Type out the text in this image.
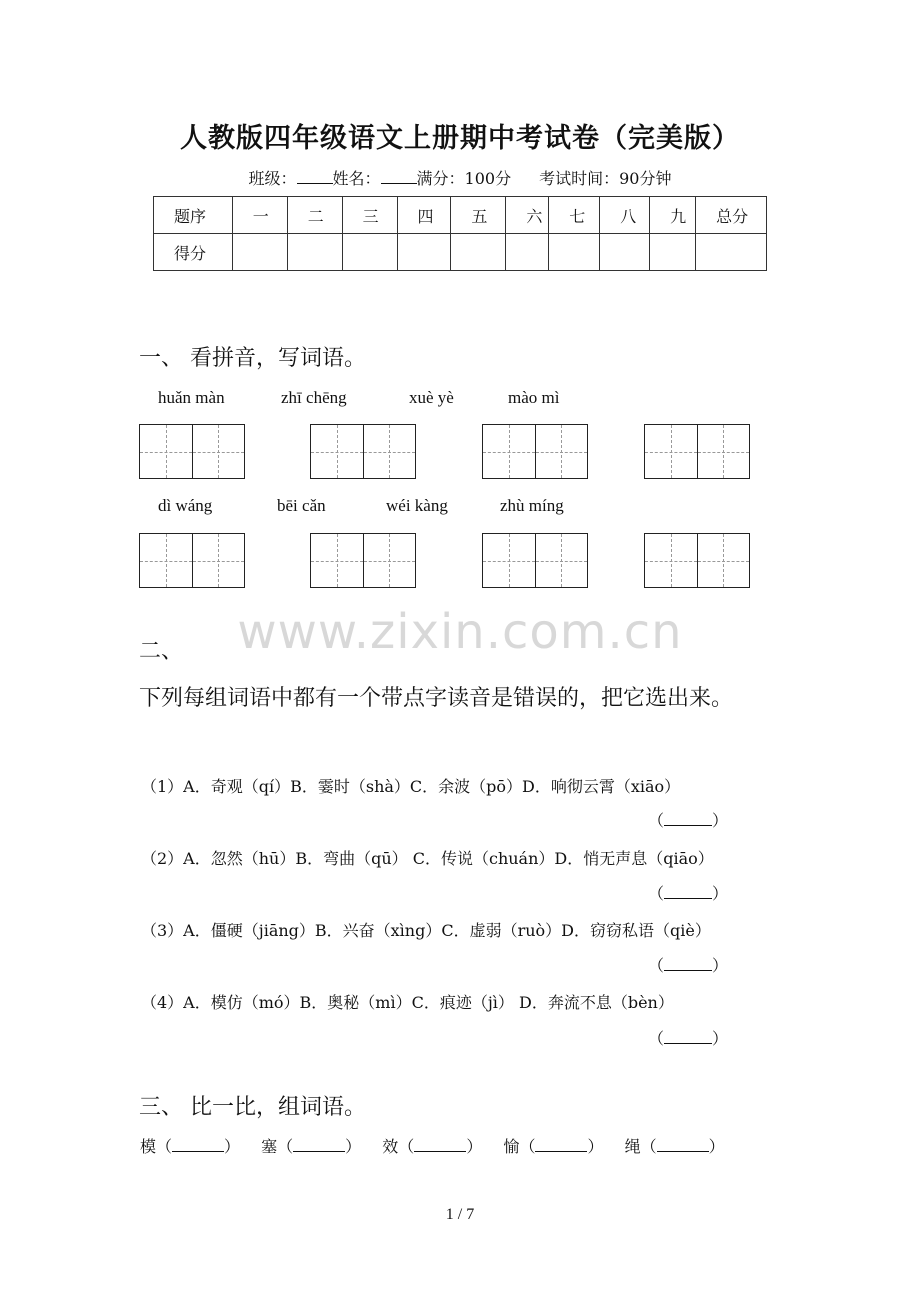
人教版四年级语文上册期中考试卷（完美版）
班级： 姓名： 满分：100分 考试时间：90分钟
题序	一	二	三	四	五	六	七	八	九	总分
得分										
一、 看拼音，写词语。
huǎn màn	zhī chēng	xuè yè	mào mì
dì wáng	bēi cǎn	wéi kàng	zhù míng
www.zixin.com.cn
二、
下列每组词语中都有一个带点字读音是错误的，把它选出来。
（1）A．奇观（qí）B．霎时（shà）C．余波（pō）D．响彻云霄（xiāo）
（	）
（2）A．忽然（hū）B．弯曲（qū） C．传说（chuán）D．悄无声息（qiāo）
（	）
（3）A．僵硬（jiāng）B．兴奋（xìng）C．虚弱（ruò）D．窃窃私语（qiè）
（	）
（4）A．模仿（mó）B．奥秘（mì）C．痕迹（jì） D．奔流不息（bèn）
（	）
三、 比一比，组词语。
模（	） 塞（	） 效（	） 愉（	） 绳（	）
1 / 7
